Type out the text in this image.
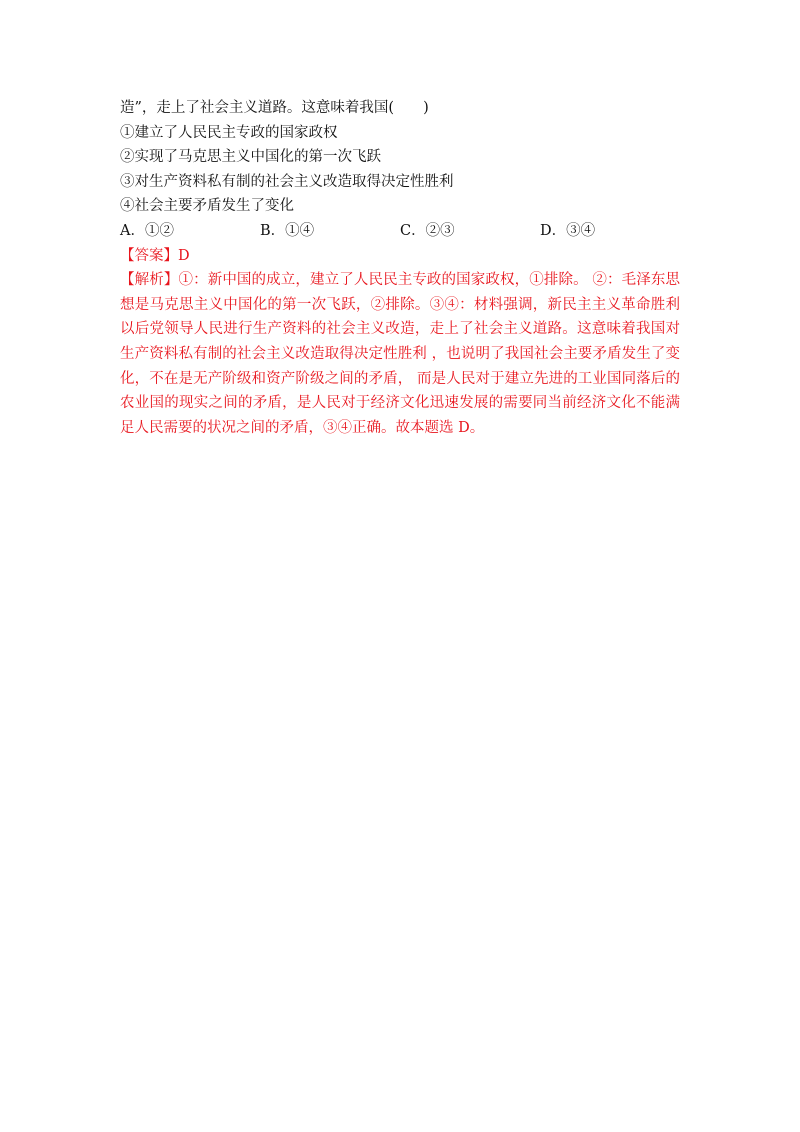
造”，走上了社会主义道路。这意味着我国(　　)
①建立了人民民主专政的国家政权
②实现了马克思主义中国化的第一次飞跃
③对生产资料私有制的社会主义改造取得决定性胜利
④社会主要矛盾发生了变化
A．①②	B．①④	C．②③	D．③④
【答案】D

【解析】①：新中国的成立，建立了人民民主专政的国家政权，①排除。 ②：毛泽东思想是马克思主义中国化的第一次飞跃，②排除。③④：材料强调，新民主主义革命胜利以后党领导人民进行生产资料的社会主义改造，走上了社会主义道路。这意味着我国对生产资料私有制的社会主义改造取得决定性胜利 ，也说明了我国社会主要矛盾发生了变化，不在是无产阶级和资产阶级之间的矛盾， 而是人民对于建立先进的工业国同落后的农业国的现实之间的矛盾，是人民对于经济文化迅速发展的需要同当前经济文化不能满足人民需要的状况之间的矛盾，③④正确。故本题选 D。
